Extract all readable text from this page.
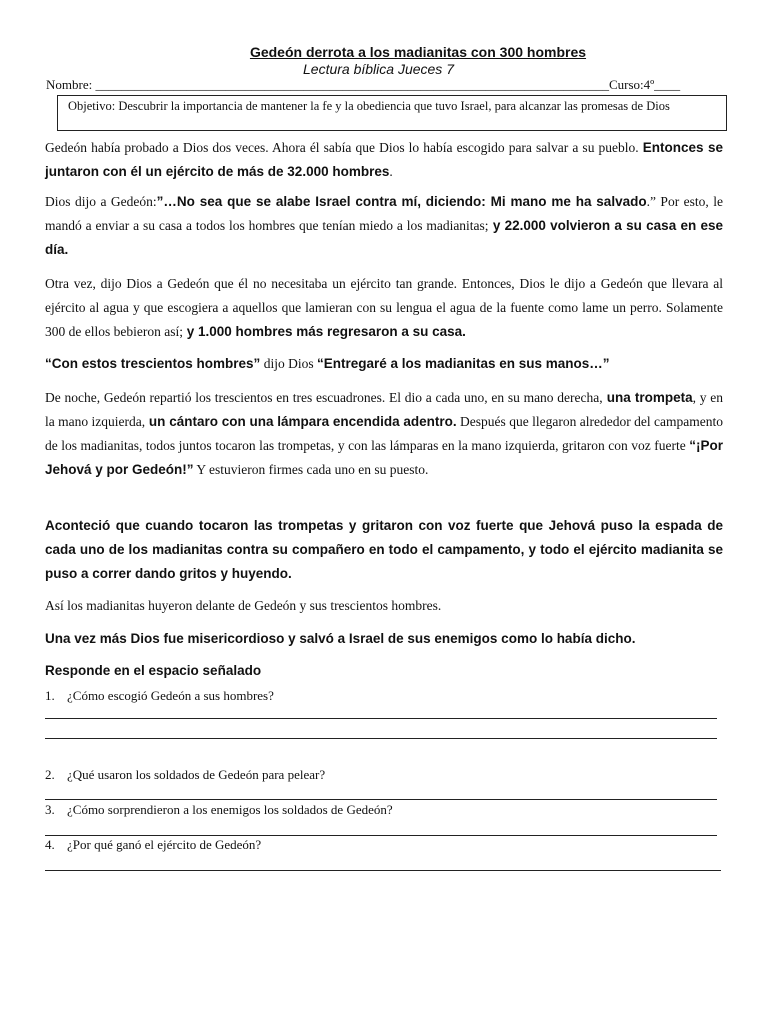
Gedeón derrota a los madianitas con 300 hombres
Lectura bíblica Jueces 7
Nombre: _______________________________________________________________________________Curso:4º____
Objetivo: Descubrir la importancia de mantener la fe y la obediencia que tuvo Israel, para alcanzar las promesas de Dios
Gedeón había probado a Dios dos veces. Ahora él sabía que Dios lo había escogido para salvar a su pueblo. Entonces se juntaron con él un ejército de más de 32.000 hombres.
Dios dijo a Gedeón:”…No sea que se alabe Israel contra mí, diciendo: Mi mano me ha salvado.” Por esto, le mandó a enviar a su casa a todos los hombres que tenían miedo a los madianitas; y 22.000 volvieron a su casa en ese día.
Otra vez, dijo Dios a Gedeón que él no necesitaba un ejército tan grande. Entonces, Dios le dijo a Gedeón que llevara al ejército al agua y que escogiera a aquellos que lamieran con su lengua el agua de la fuente como lame un perro. Solamente 300 de ellos bebieron así; y 1.000 hombres más regresaron a su casa.
“Con estos trescientos hombres” dijo Dios “Entregaré a los madianitas en sus manos…”
De noche, Gedeón repartió los trescientos en tres escuadrones. El dio a cada uno, en su mano derecha, una trompeta, y en la mano izquierda, un cántaro con una lámpara encendida adentro. Después que llegaron alrededor del campamento de los madianitas, todos juntos tocaron las trompetas, y con las lámparas en la mano izquierda, gritaron con voz fuerte “¡Por Jehová y por Gedeón!” Y estuvieron firmes cada uno en su puesto.
Aconteció que cuando tocaron las trompetas y gritaron con voz fuerte que Jehová puso la espada de cada uno de los madianitas contra su compañero en todo el campamento, y todo el ejército madianita se puso a correr dando gritos y huyendo.
Así los madianitas huyeron delante de Gedeón y sus trescientos hombres.
Una vez más Dios fue misericordioso y salvó a Israel de sus enemigos como lo había dicho.
Responde en el espacio señalado
1. ¿Cómo escogió Gedeón a sus hombres?
2. ¿Qué usaron los soldados de Gedeón para pelear?
3. ¿Cómo sorprendieron a los enemigos los soldados de Gedeón?
4. ¿Por qué ganó el ejército de Gedeón?
